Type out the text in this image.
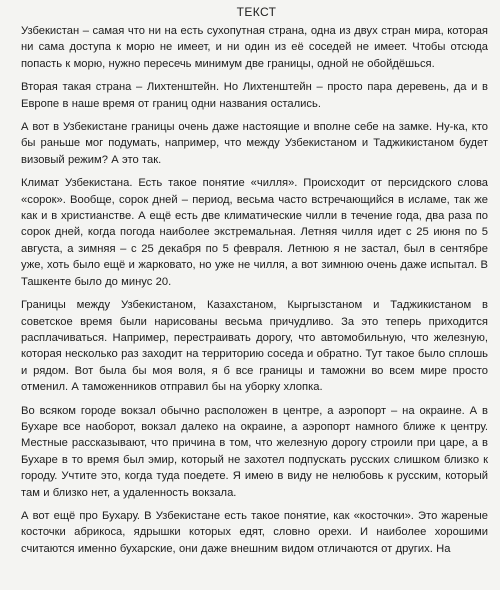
ТЕКСТ

Узбекистан – самая что ни на есть сухопутная страна, одна из двух стран мира, которая ни сама доступа к морю не имеет, и ни один из её соседей не имеет. Чтобы отсюда попасть к морю, нужно пересечь минимум две границы, одной не обойдёшься.

Вторая такая страна – Лихтенштейн. Но Лихтенштейн – просто пара деревень, да и в Европе в наше время от границ одни названия остались.

А вот в Узбекистане границы очень даже настоящие и вполне себе на замке. Ну-ка, кто бы раньше мог подумать, например, что между Узбекистаном и Таджикистаном будет визовый режим? А это так.

Климат Узбекистана. Есть такое понятие «чилля». Происходит от персидского слова «сорок». Вообще, сорок дней – период, весьма часто встречающийся в исламе, так же как и в христианстве. А ещё есть две климатические чилли в течение года, два раза по сорок дней, когда погода наиболее экстремальная. Летняя чилля идет с 25 июня по 5 августа, а зимняя – с 25 декабря по 5 февраля. Летнюю я не застал, был в сентябре уже, хоть было ещё и жарковато, но уже не чилля, а вот зимнюю очень даже испытал. В Ташкенте было до минус 20.

Границы между Узбекистаном, Казахстаном, Кыргызстаном и Таджикистаном в советское время были нарисованы весьма причудливо. За это теперь приходится расплачиваться. Например, перестраивать дорогу, что автомобильную, что железную, которая несколько раз заходит на территорию соседа и обратно. Тут такое было сплошь и рядом. Вот была бы моя воля, я б все границы и таможни во всем мире просто отменил. А таможенников отправил бы на уборку хлопка.

Во всяком городе вокзал обычно расположен в центре, а аэропорт – на окраине. А в Бухаре все наоборот, вокзал далеко на окраине, а аэропорт намного ближе к центру. Местные рассказывают, что причина в том, что железную дорогу строили при царе, а в Бухаре в то время был эмир, который не захотел подпускать русских слишком близко к городу. Учтите это, когда туда поедете. Я имею в виду не нелюбовь к русским, который там и близко нет, а удаленность вокзала.

А вот ещё про Бухару. В Узбекистане есть такое понятие, как «косточки». Это жареные косточки абрикоса, ядрышки которых едят, словно орехи. И наиболее хорошими считаются именно бухарские, они даже внешним видом отличаются от других. На
